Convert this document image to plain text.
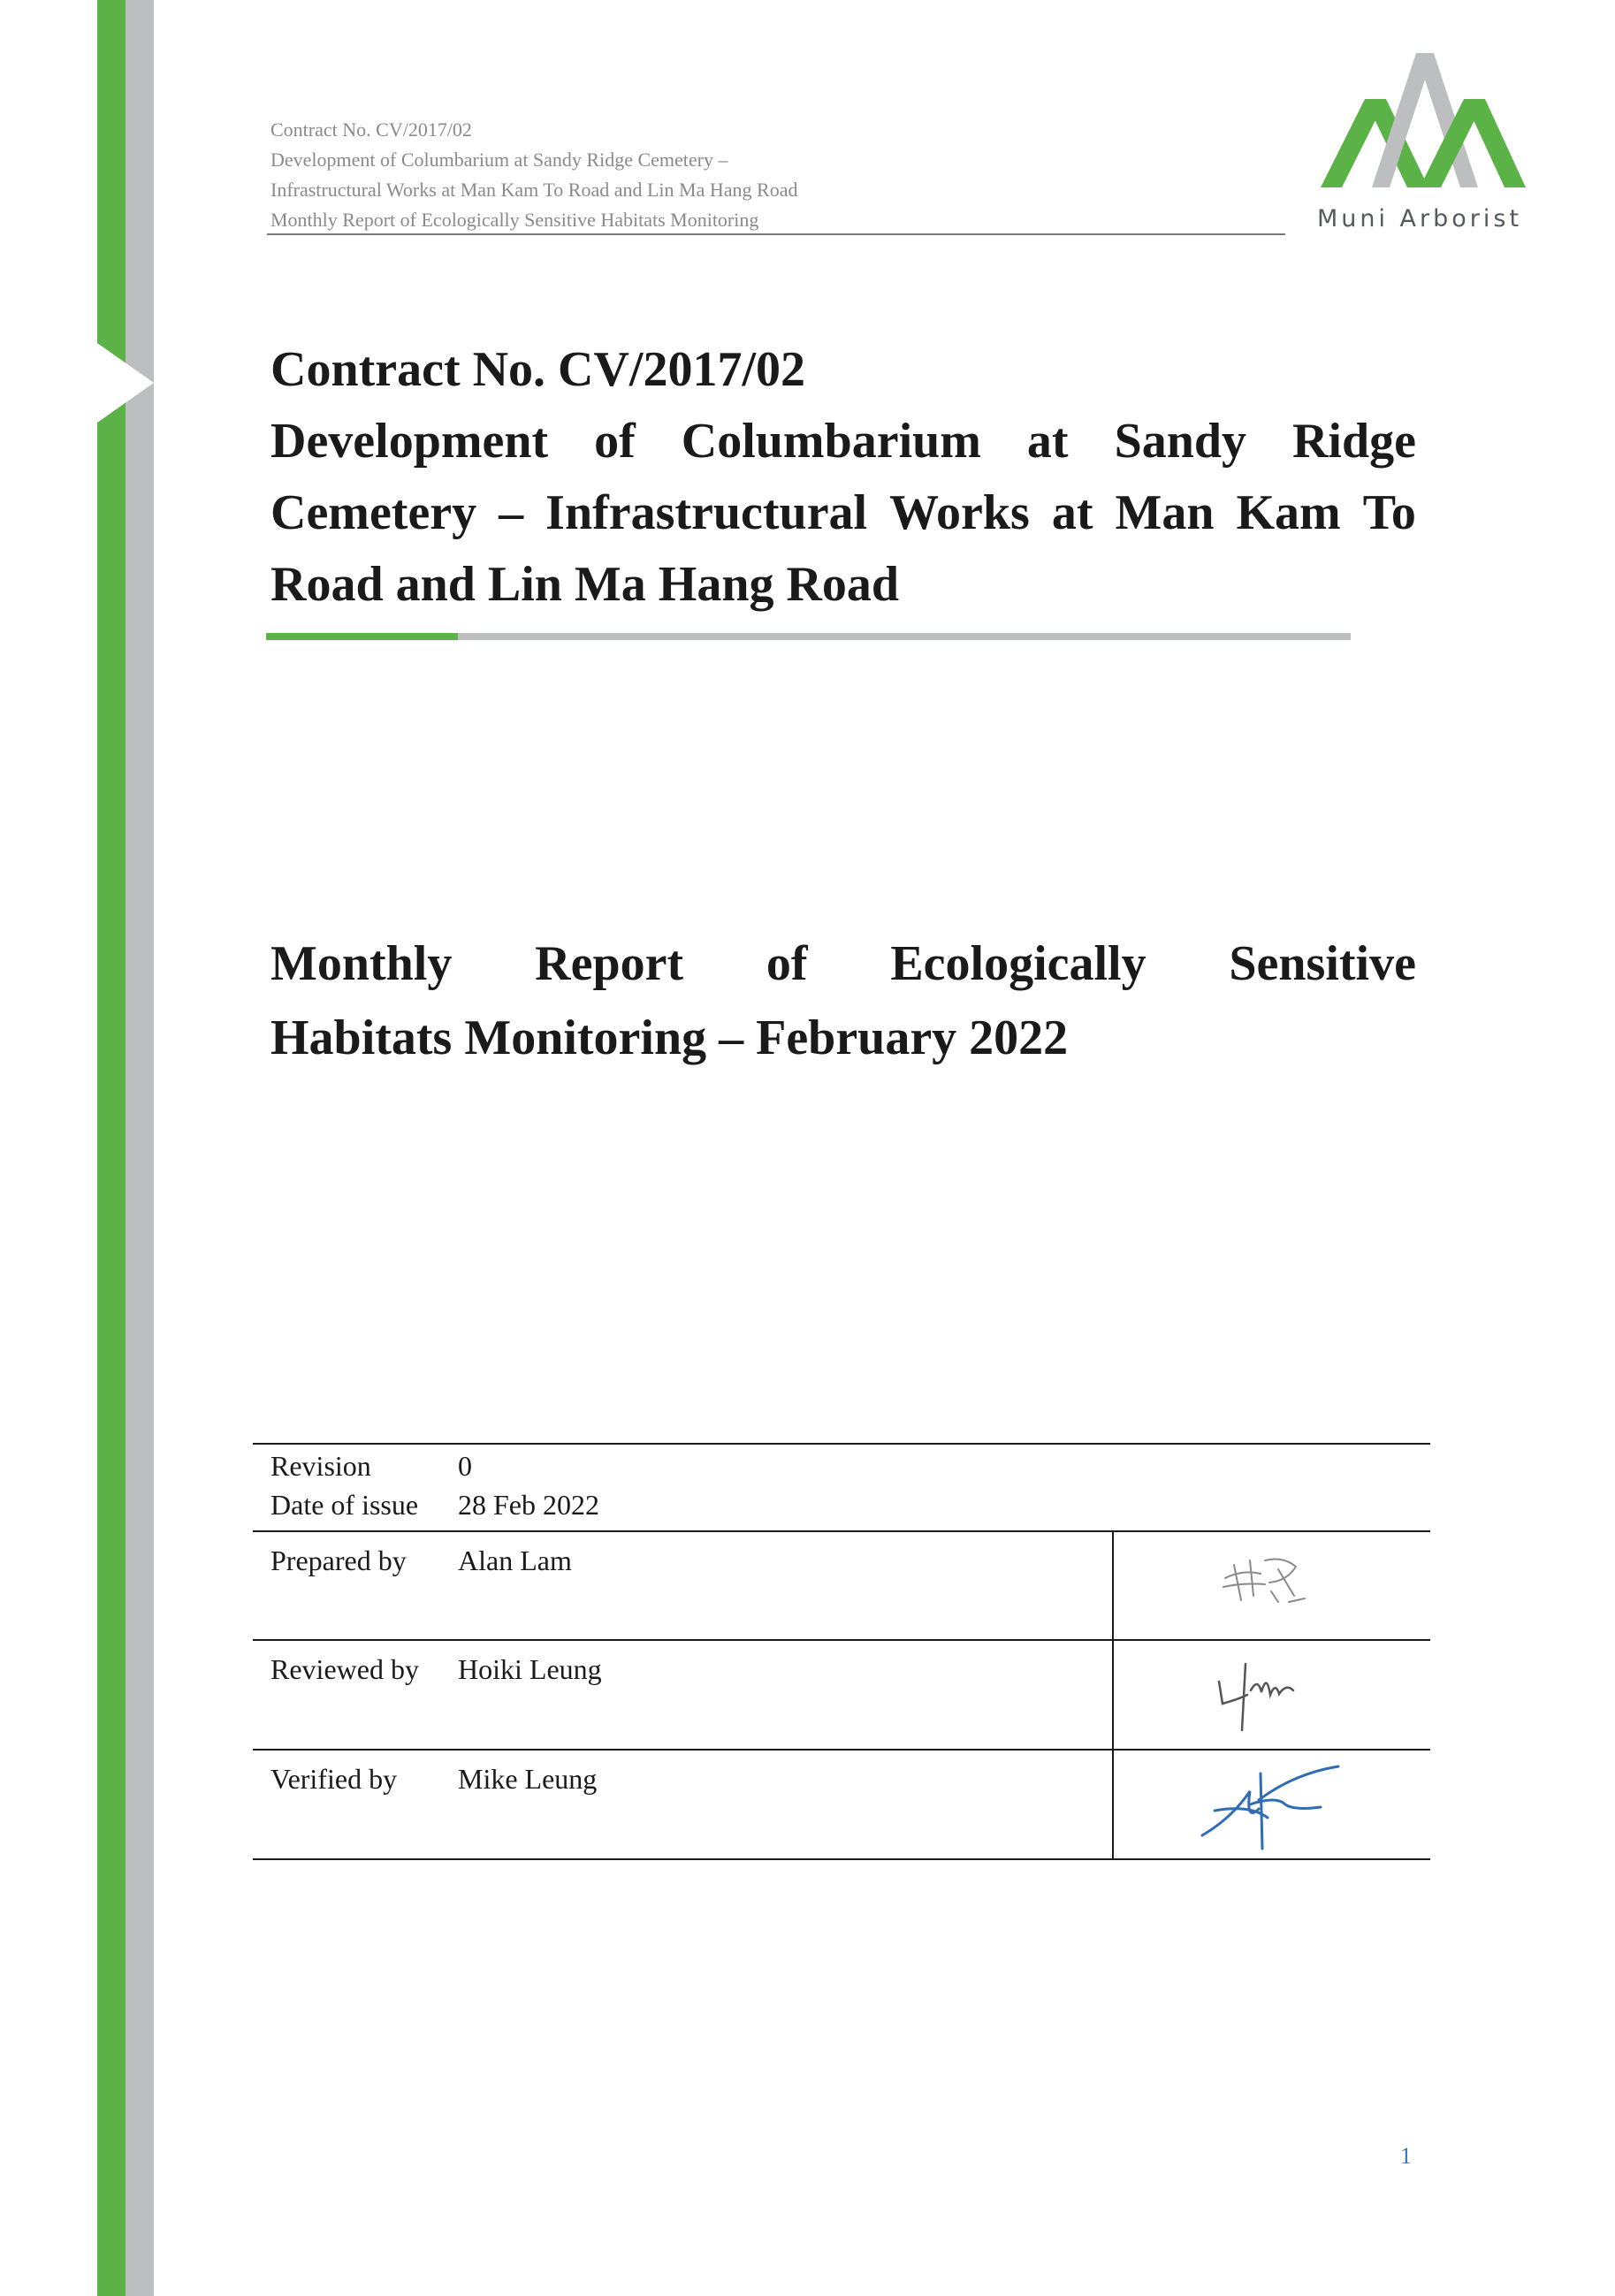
Contract No. CV/2017/02
Development of Columbarium at Sandy Ridge Cemetery –
Infrastructural Works at Man Kam To Road and Lin Ma Hang Road
Monthly Report of Ecologically Sensitive Habitats Monitoring	Muni Arborist
Contract No. CV/2017/02
Development of Columbarium at Sandy Ridge
Cemetery – Infrastructural Works at Man Kam To
Road and Lin Ma Hang Road
Monthly Report of Ecologically Sensitive
Habitats Monitoring – February 2022
Revision	0
Date of issue 28 Feb 2022
Prepared by Alan Lam
Reviewed by Hoiki Leung
Verified by Mike Leung
1
